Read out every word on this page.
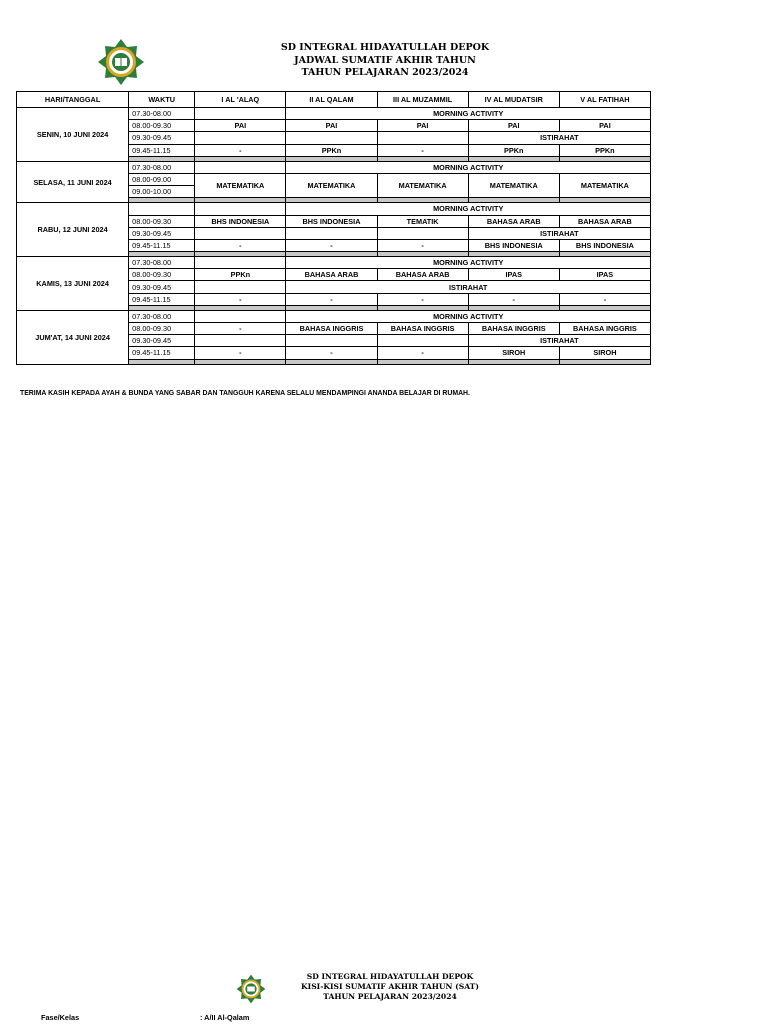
SD INTEGRAL HIDAYATULLAH DEPOK
JADWAL SUMATIF AKHIR TAHUN
TAHUN PELAJARAN 2023/2024
HARI/TANGGAL	WAKTU	I AL 'ALAQ	II AL QALAM	III AL MUZAMMIL	IV AL MUDATSIR	V AL FATIHAH
SENIN, 10 JUNI 2024	07.30-08.00		MORNING ACTIVITY			
	08.00-09.30	PAI	PAI	PAI	PAI	PAI
	09.30-09.45				ISTIRAHAT	
	09.45-11.15	-	PPKn	-	PPKn	PPKn

SELASA, 11 JUNI 2024	07.30-08.00		MORNING ACTIVITY			
	08.00-09.00	MATEMATIKA	MATEMATIKA	MATEMATIKA	MATEMATIKA	MATEMATIKA
	09.00-10.00					

RABU, 12 JUNI 2024			MORNING ACTIVITY			
	08.00-09.30	BHS INDONESIA	BHS INDONESIA	TEMATIK	BAHASA ARAB	BAHASA ARAB
	09.30-09.45				ISTIRAHAT	
	09.45-11.15	-	-	-	BHS INDONESIA	BHS INDONESIA

KAMIS, 13 JUNI 2024	07.30-08.00		MORNING ACTIVITY			
	08.00-09.30	PPKn	BAHASA ARAB	BAHASA ARAB	IPAS	IPAS
	09.30-09.45		ISTIRAHAT			
	09.45-11.15	-	-	-	-	-

JUM'AT, 14 JUNI 2024	07.30-08.00		MORNING ACTIVITY			
	08.00-09.30	-	BAHASA INGGRIS	BAHASA INGGRIS	BAHASA INGGRIS	BAHASA INGGRIS
	09.30-09.45				ISTIRAHAT	
	09.45-11.15	-	-	-	SIROH	SIROH

TERIMA KASIH KEPADA AYAH & BUNDA YANG SABAR DAN TANGGUH KARENA SELALU MENDAMPINGI ANANDA BELAJAR DI RUMAH.
SD INTEGRAL HIDAYATULLAH DEPOK
KISI-KISI SUMATIF AKHIR TAHUN (SAT)
TAHUN PELAJARAN 2023/2024
Fase/Kelas	: A/II Al-Qalam
